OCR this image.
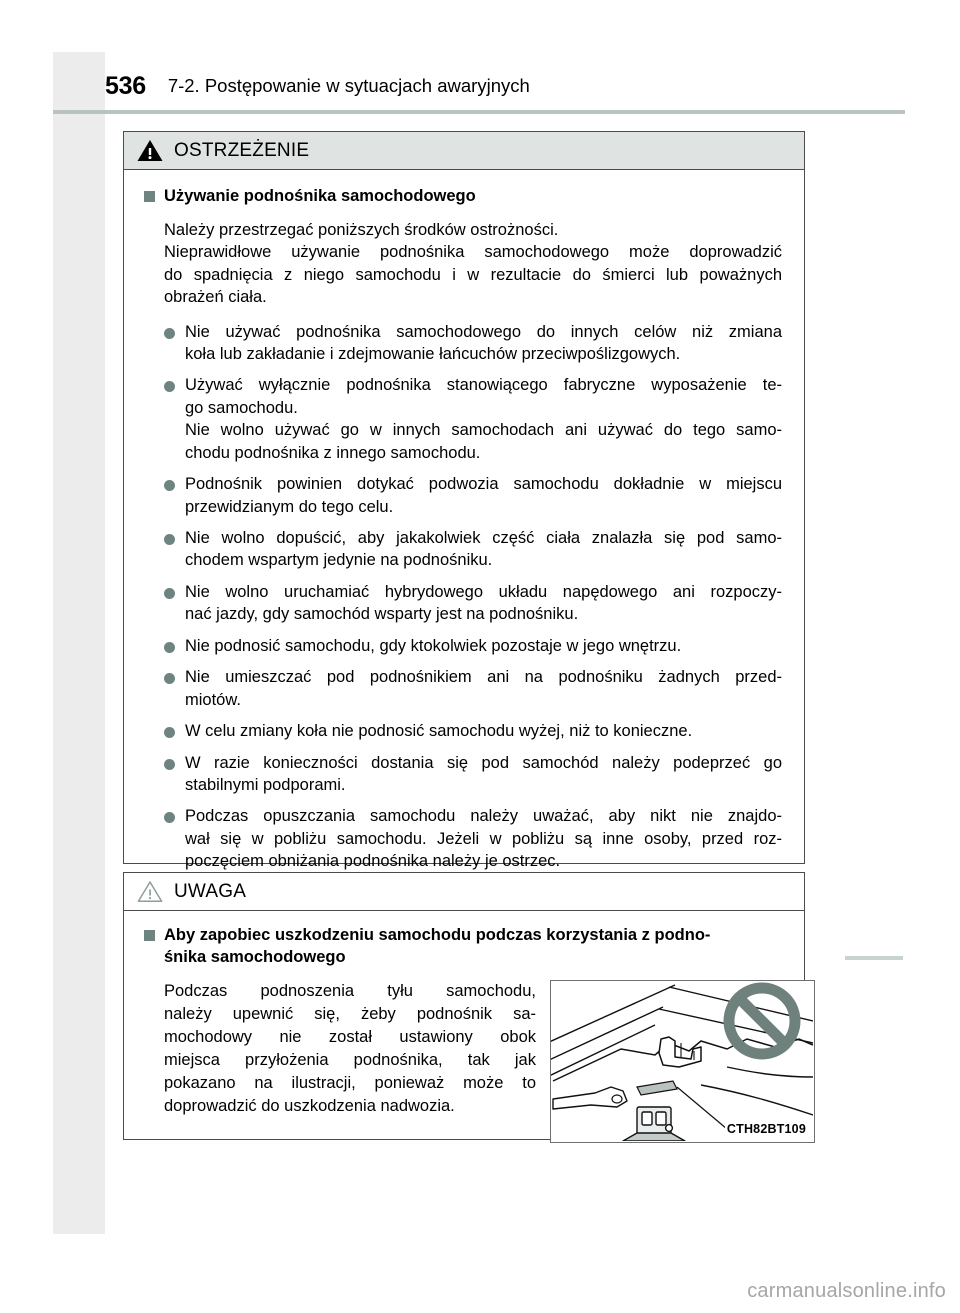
536 7-2. Postępowanie w sytuacjach awaryjnych
OSTRZEŻENIE
Używanie podnośnika samochodowego
Należy przestrzegać poniższych środków ostrożności.
Nieprawidłowe używanie podnośnika samochodowego może doprowadzić
do spadnięcia z niego samochodu i w rezultacie do śmierci lub poważnych
obrażeń ciała.
Nie używać podnośnika samochodowego do innych celów niż zmiana
koła lub zakładanie i zdejmowanie łańcuchów przeciwpoślizgowych.
Używać wyłącznie podnośnika stanowiącego fabryczne wyposażenie te-
go samochodu.
Nie wolno używać go w innych samochodach ani używać do tego samo-
chodu podnośnika z innego samochodu.
Podnośnik powinien dotykać podwozia samochodu dokładnie w miejscu
przewidzianym do tego celu.
Nie wolno dopuścić, aby jakakolwiek część ciała znalazła się pod samo-
chodem wspartym jedynie na podnośniku.
Nie wolno uruchamiać hybrydowego układu napędowego ani rozpoczy-
nać jazdy, gdy samochód wsparty jest na podnośniku.
Nie podnosić samochodu, gdy ktokolwiek pozostaje w jego wnętrzu.
Nie umieszczać pod podnośnikiem ani na podnośniku żadnych przed-
miotów.
W celu zmiany koła nie podnosić samochodu wyżej, niż to konieczne.
W razie konieczności dostania się pod samochód należy podeprzeć go
stabilnymi podporami.
Podczas opuszczania samochodu należy uważać, aby nikt nie znajdo-
wał się w pobliżu samochodu. Jeżeli w pobliżu są inne osoby, przed roz-
poczęciem obniżania podnośnika należy je ostrzec.
UWAGA
Aby zapobiec uszkodzeniu samochodu podczas korzystania z podno-
śnika samochodowego
Podczas podnoszenia tyłu samochodu,
należy upewnić się, żeby podnośnik sa-
mochodowy nie został ustawiony obok
miejsca przyłożenia podnośnika, tak jak
pokazano na ilustracji, ponieważ może to
doprowadzić do uszkodzenia nadwozia.
CTH82BT109
carmanualsonline.info
